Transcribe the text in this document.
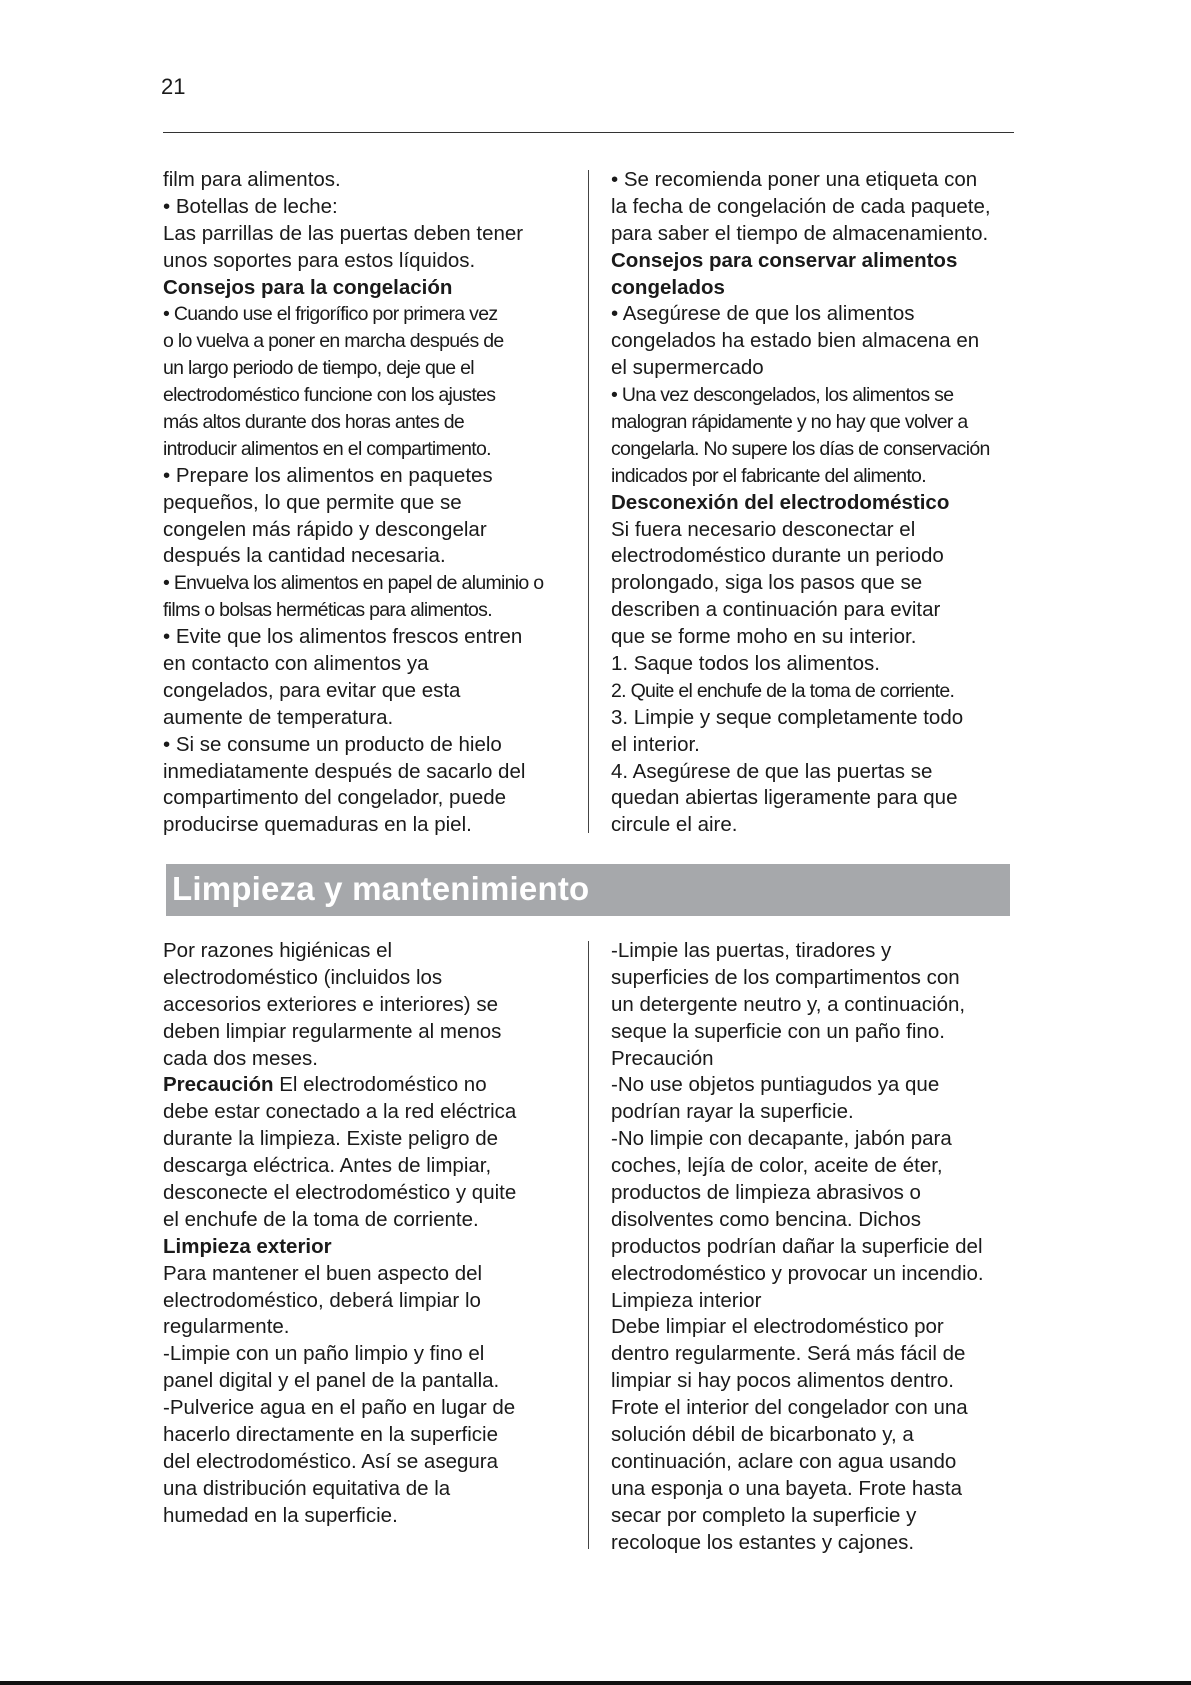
21
film para alimentos.
• Botellas de leche:
Las parrillas de las puertas deben tener
unos soportes para estos líquidos.
Consejos para la congelación
• Cuando use el frigorífico por primera vez
o lo vuelva a poner en marcha después de
un largo periodo de tiempo, deje que el
electrodoméstico funcione con los ajustes
más altos durante dos horas antes de
introducir alimentos en el compartimento.
• Prepare los alimentos en paquetes
pequeños, lo que permite que se
congelen más rápido y descongelar
después la cantidad necesaria.
• Envuelva los alimentos en papel de aluminio o
films o bolsas herméticas para alimentos.
• Evite que los alimentos frescos entren
en contacto con alimentos ya
congelados, para evitar que esta
aumente de temperatura.
• Si se consume un producto de hielo
inmediatamente después de sacarlo del
compartimento del congelador, puede
producirse quemaduras en la piel.
• Se recomienda poner una etiqueta con
la fecha de congelación de cada paquete,
para saber el tiempo de almacenamiento.
Consejos para conservar alimentos
congelados
• Asegúrese de que los alimentos
congelados ha estado bien almacena en
el supermercado
• Una vez descongelados, los alimentos se
malogran rápidamente y no hay que volver a
congelarla. No supere los días de conservación
indicados por el fabricante del alimento.
Desconexión del electrodoméstico
Si fuera necesario desconectar el
electrodoméstico durante un periodo
prolongado, siga los pasos que se
describen a continuación para evitar
que se forme moho en su interior.
1. Saque todos los alimentos.
2. Quite el enchufe de la toma de corriente.
3. Limpie y seque completamente todo
el interior.
4. Asegúrese de que las puertas se
quedan abiertas ligeramente para que
circule el aire.
Limpieza y mantenimiento
Por razones higiénicas el
electrodoméstico (incluidos los
accesorios exteriores e interiores) se
deben limpiar regularmente al menos
cada dos meses.
Precaución El electrodoméstico no
debe estar conectado a la red eléctrica
durante la limpieza. Existe peligro de
descarga eléctrica. Antes de limpiar,
desconecte el electrodoméstico y quite
el enchufe de la toma de corriente.
Limpieza exterior
Para mantener el buen aspecto del
electrodoméstico, deberá limpiar lo
regularmente.
-Limpie con un paño limpio y fino el
panel digital y el panel de la pantalla.
-Pulverice agua en el paño en lugar de
hacerlo directamente en la superficie
del electrodoméstico. Así se asegura
una distribución equitativa de la
humedad en la superficie.
-Limpie las puertas, tiradores y
superficies de los compartimentos con
un detergente neutro y, a continuación,
seque la superficie con un paño fino.
Precaución
-No use objetos puntiagudos ya que
podrían rayar la superficie.
-No limpie con decapante, jabón para
coches, lejía de color, aceite de éter,
productos de limpieza abrasivos o
disolventes como bencina. Dichos
productos podrían dañar la superficie del
electrodoméstico y provocar un incendio.
Limpieza interior
Debe limpiar el electrodoméstico por
dentro regularmente. Será más fácil de
limpiar si hay pocos alimentos dentro.
Frote el interior del congelador con una
solución débil de bicarbonato y, a
continuación, aclare con agua usando
una esponja o una bayeta. Frote hasta
secar por completo la superficie y
recoloque los estantes y cajones.
